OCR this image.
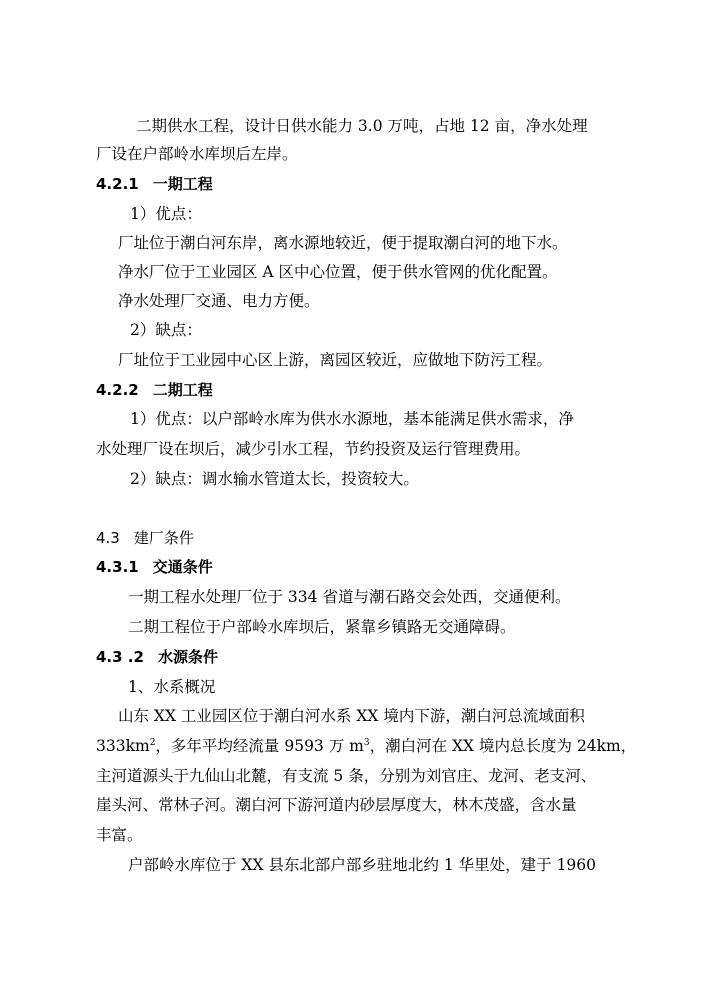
二期供水工程，设计日供水能力 3.0 万吨，占地 12 亩，净水处理
厂设在户部岭水库坝后左岸。
4.2.1 一期工程
1）优点：
厂址位于潮白河东岸，离水源地较近，便于提取潮白河的地下水。
净水厂位于工业园区 A 区中心位置，便于供水管网的优化配置。
净水处理厂交通、电力方便。
2）缺点：
厂址位于工业园中心区上游，离园区较近，应做地下防污工程。
4.2.2 二期工程
1）优点：以户部岭水库为供水水源地，基本能满足供水需求，净
水处理厂设在坝后，减少引水工程，节约投资及运行管理费用。
2）缺点：调水输水管道太长，投资较大。
4.3 建厂条件
4.3.1 交通条件
一期工程水处理厂位于 334 省道与潮石路交会处西，交通便利。
二期工程位于户部岭水库坝后，紧靠乡镇路无交通障碍。
4.3 .2 水源条件
1、水系概况
山东 XX 工业园区位于潮白河水系 XX 境内下游，潮白河总流域面积
$333km^2$，多年平均经流量 9593 万 $m^3$，潮白河在 XX 境内总长度为 24km，
主河道源头于九仙山北麓，有支流 5 条，分别为刘官庄、龙河、老支河、
崖头河、常林子河。潮白河下游河道内砂层厚度大，林木茂盛，含水量
丰富。
户部岭水库位于 XX 县东北部户部乡驻地北约 1 华里处，建于 1960
